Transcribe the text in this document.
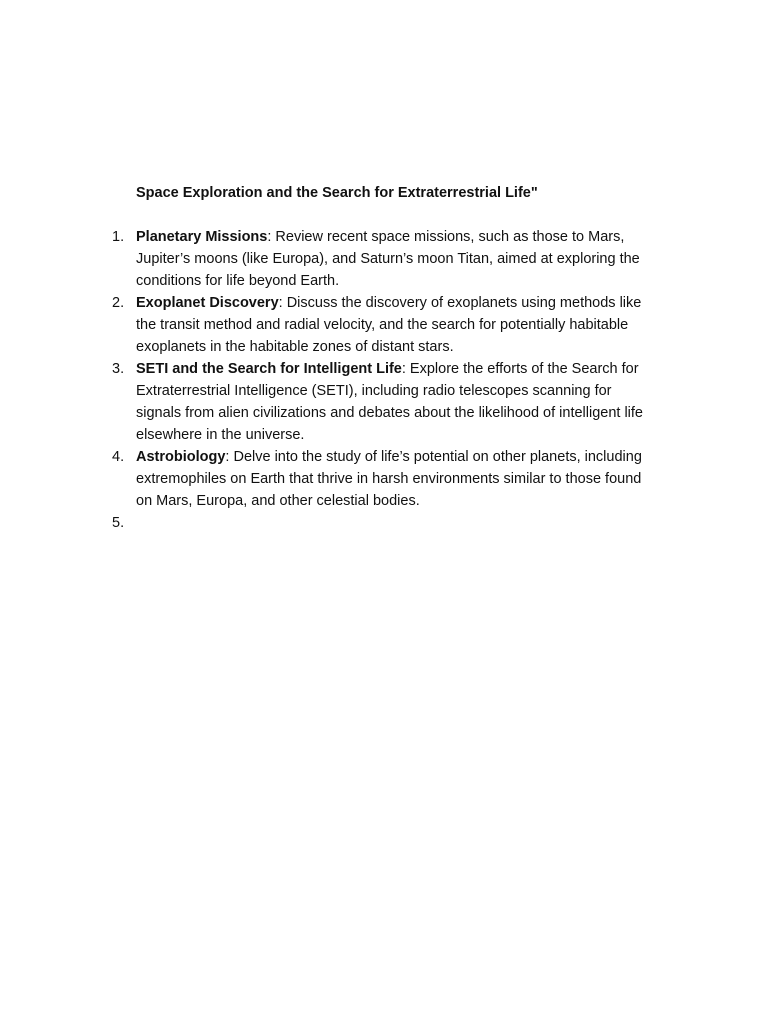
Space Exploration and the Search for Extraterrestrial Life"

1. Planetary Missions: Review recent space missions, such as those to Mars, Jupiter’s moons (like Europa), and Saturn’s moon Titan, aimed at exploring the conditions for life beyond Earth.
2. Exoplanet Discovery: Discuss the discovery of exoplanets using methods like the transit method and radial velocity, and the search for potentially habitable exoplanets in the habitable zones of distant stars.
3. SETI and the Search for Intelligent Life: Explore the efforts of the Search for Extraterrestrial Intelligence (SETI), including radio telescopes scanning for signals from alien civilizations and debates about the likelihood of intelligent life elsewhere in the universe.
4. Astrobiology: Delve into the study of life’s potential on other planets, including extremophiles on Earth that thrive in harsh environments similar to those found on Mars, Europa, and other celestial bodies.
5.
